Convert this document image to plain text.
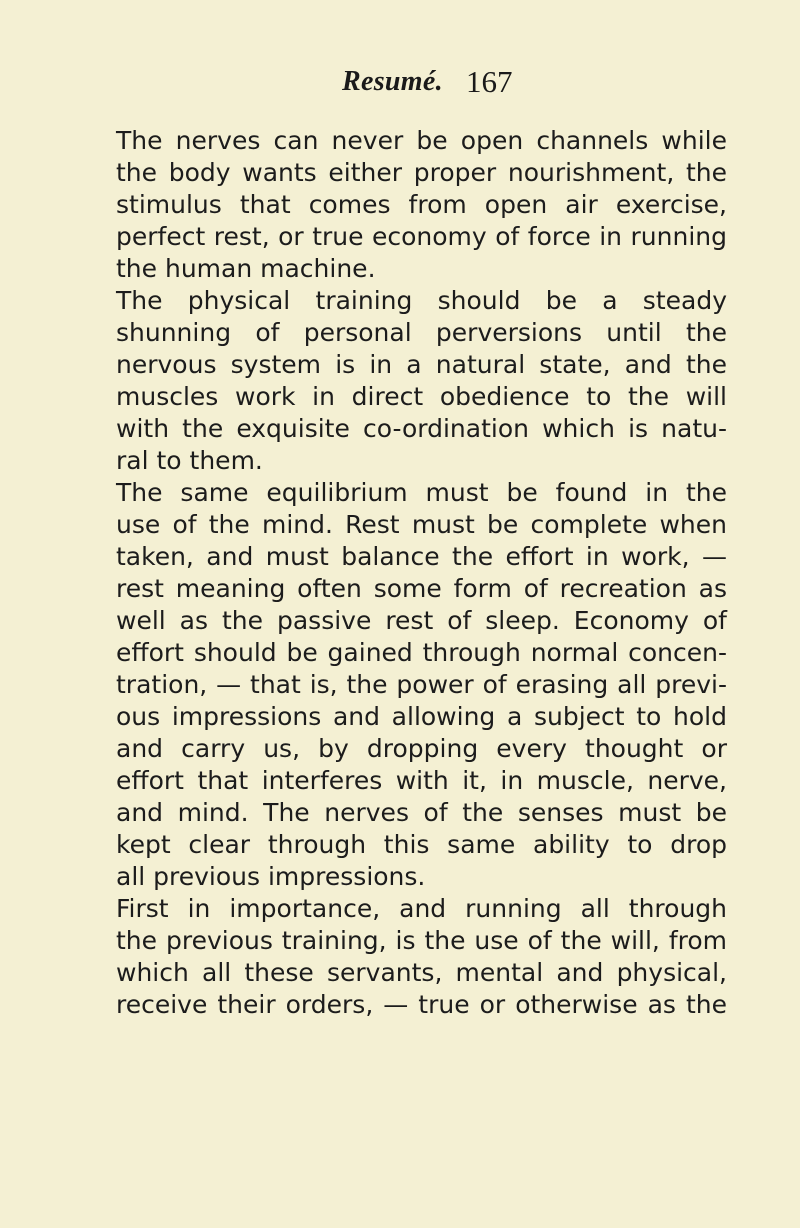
Resumé. 167
The nerves can never be open channels while
the body wants either proper nourishment, the
stimulus that comes from open air exercise,
perfect rest, or true economy of force in running
the human machine.
The physical training should be a steady
shunning of personal perversions until the
nervous system is in a natural state, and the
muscles work in direct obedience to the will
with the exquisite co-ordination which is natu-
ral to them.
The same equilibrium must be found in the
use of the mind. Rest must be complete when
taken, and must balance the effort in work, —
rest meaning often some form of recreation as
well as the passive rest of sleep. Economy of
effort should be gained through normal concen-
tration, — that is, the power of erasing all previ-
ous impressions and allowing a subject to hold
and carry us, by dropping every thought or
effort that interferes with it, in muscle, nerve,
and mind. The nerves of the senses must be
kept clear through this same ability to drop
all previous impressions.
First in importance, and running all through
the previous training, is the use of the will, from
which all these servants, mental and physical,
receive their orders, — true or otherwise as the
